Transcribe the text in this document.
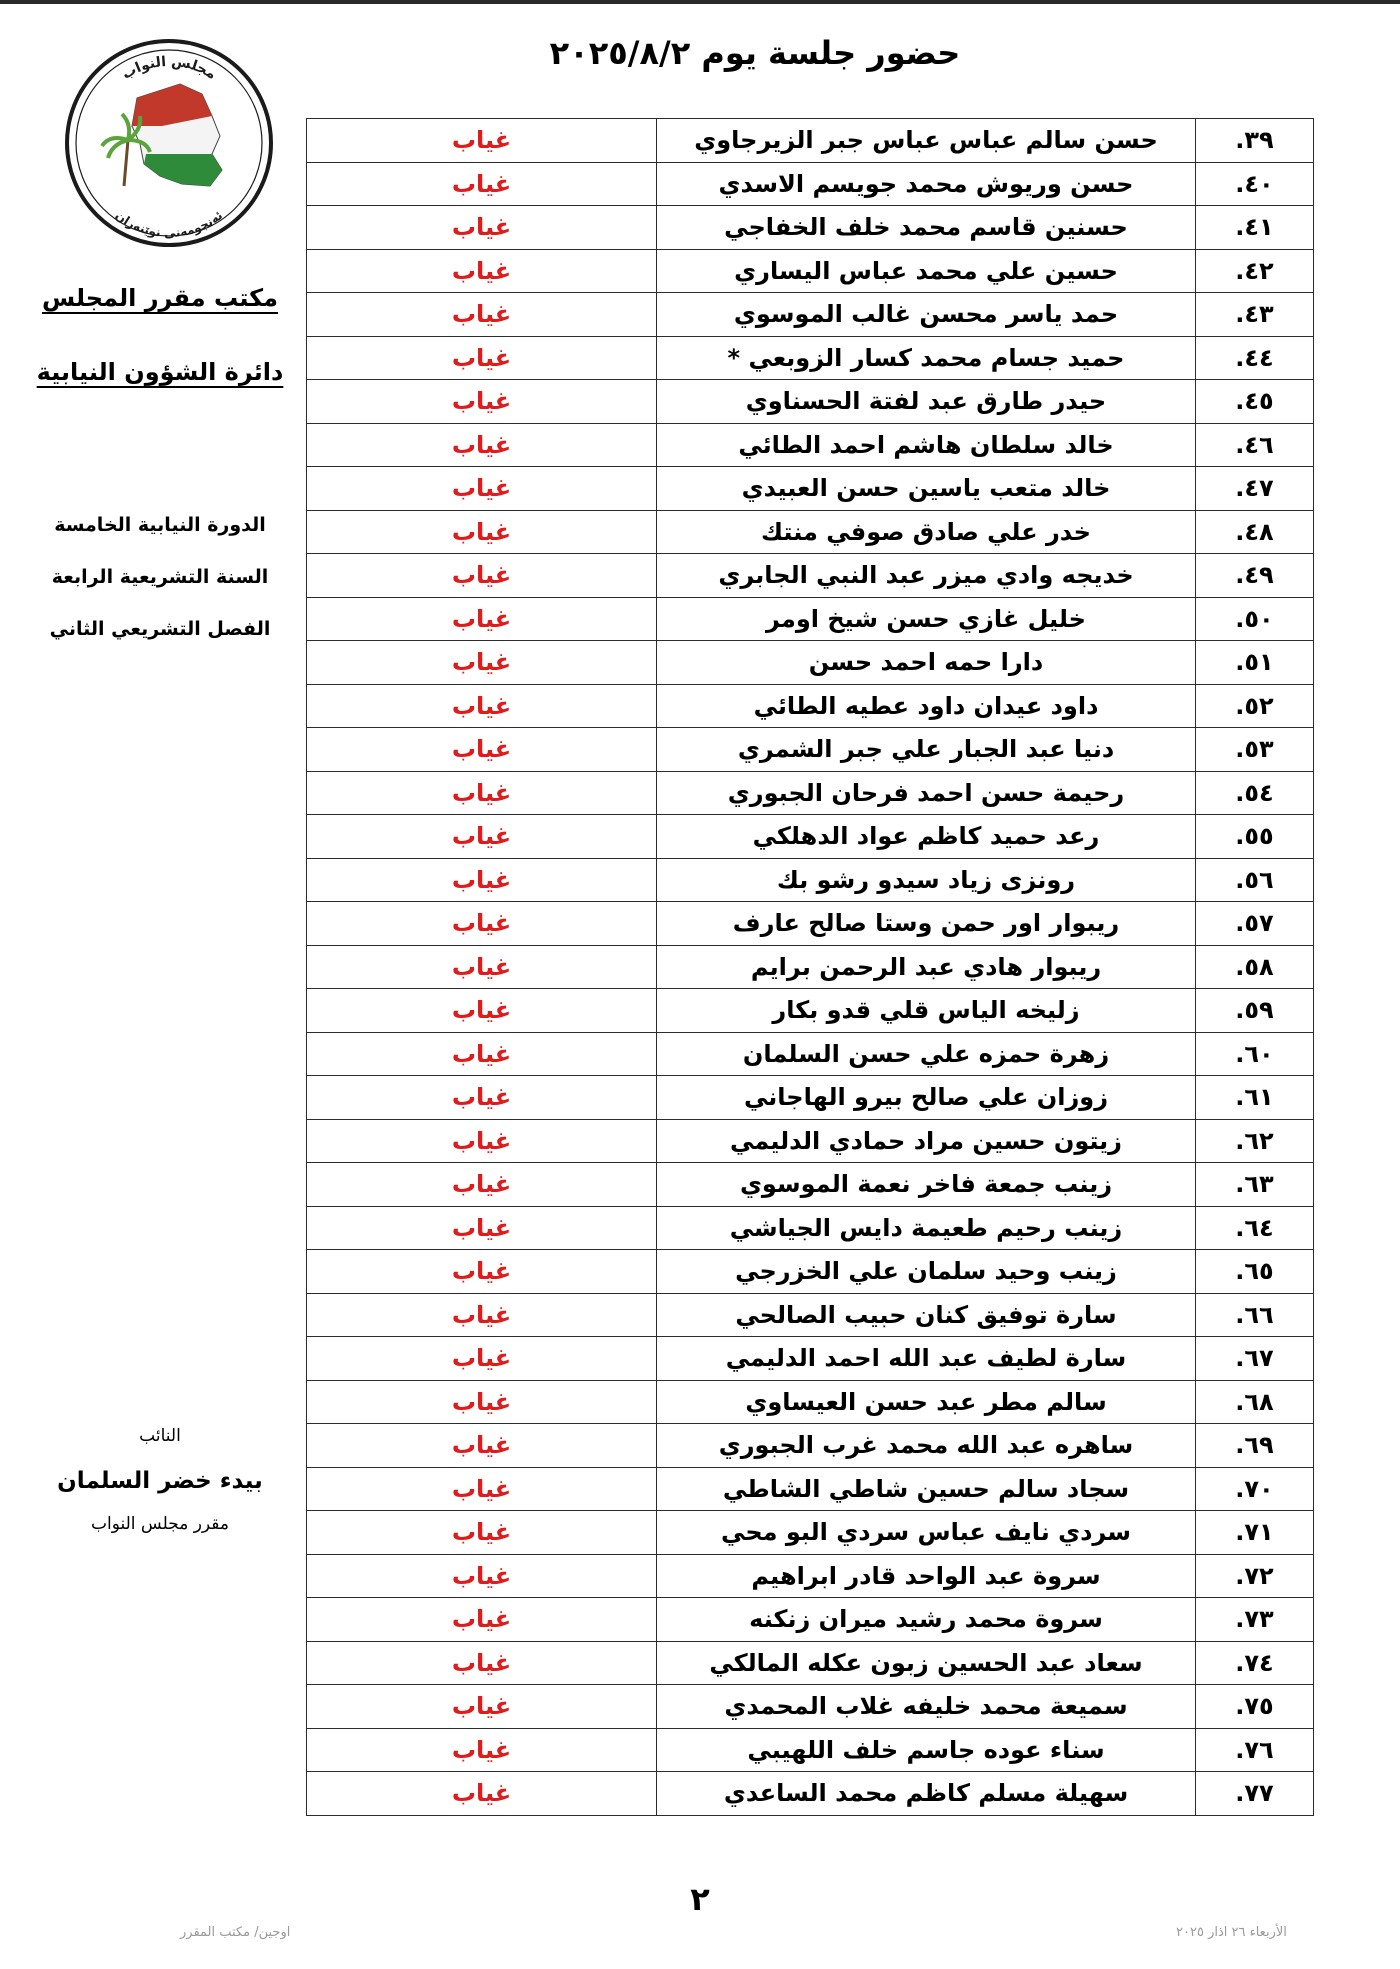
حضور جلسة يوم ٢٠٢٥/٨/٢
مجلس النواب
ئەنجومەنی نوێنەران
مكتب مقرر المجلس
دائرة الشؤون النيابية
الدورة النيابية الخامسة
السنة التشريعية الرابعة
الفصل التشريعي الثاني
النائب
بيدء خضر السلمان
مقرر مجلس النواب
٣٩.	حسن سالم عباس عباس جبر الزيرجاوي	غياب
٤٠.	حسن وريوش محمد جويسم الاسدي	غياب
٤١.	حسنين قاسم محمد خلف الخفاجي	غياب
٤٢.	حسين علي محمد عباس اليساري	غياب
٤٣.	حمد ياسر محسن غالب الموسوي	غياب
٤٤.	حميد جسام محمد كسار الزوبعي *	غياب
٤٥.	حيدر طارق عبد لفتة الحسناوي	غياب
٤٦.	خالد سلطان هاشم احمد الطائي	غياب
٤٧.	خالد متعب ياسين حسن العبيدي	غياب
٤٨.	خدر علي صادق صوفي منتك	غياب
٤٩.	خديجه وادي ميزر عبد النبي الجابري	غياب
٥٠.	خليل غازي حسن شيخ اومر	غياب
٥١.	دارا حمه احمد حسن	غياب
٥٢.	داود عيدان داود عطيه الطائي	غياب
٥٣.	دنيا عبد الجبار علي جبر الشمري	غياب
٥٤.	رحيمة حسن احمد فرحان الجبوري	غياب
٥٥.	رعد حميد كاظم عواد الدهلكي	غياب
٥٦.	رونزى زياد سيدو رشو بك	غياب
٥٧.	ريبوار اور حمن وستا صالح عارف	غياب
٥٨.	ريبوار هادي عبد الرحمن برايم	غياب
٥٩.	زليخه الياس قلي قدو بكار	غياب
٦٠.	زهرة حمزه علي حسن السلمان	غياب
٦١.	زوزان علي صالح بيرو الهاجاني	غياب
٦٢.	زيتون حسين مراد حمادي الدليمي	غياب
٦٣.	زينب جمعة فاخر نعمة الموسوي	غياب
٦٤.	زينب رحيم طعيمة دايس الجياشي	غياب
٦٥.	زينب وحيد سلمان علي الخزرجي	غياب
٦٦.	سارة توفيق كنان حبيب الصالحي	غياب
٦٧.	سارة لطيف عبد الله احمد الدليمي	غياب
٦٨.	سالم مطر عبد حسن العيساوي	غياب
٦٩.	ساهره عبد الله محمد غرب الجبوري	غياب
٧٠.	سجاد سالم حسين شاطي الشاطي	غياب
٧١.	سردي نايف عباس سردي البو محي	غياب
٧٢.	سروة عبد الواحد قادر ابراهيم	غياب
٧٣.	سروة محمد رشيد ميران زنكنه	غياب
٧٤.	سعاد عبد الحسين زبون عكله المالكي	غياب
٧٥.	سميعة محمد خليفه غلاب المحمدي	غياب
٧٦.	سناء عوده جاسم خلف اللهيبي	غياب
٧٧.	سهيلة مسلم كاظم محمد الساعدي	غياب
٢
اوجين/ مكتب المقرر	الأربعاء ٢٦ اذار ٢٠٢٥
